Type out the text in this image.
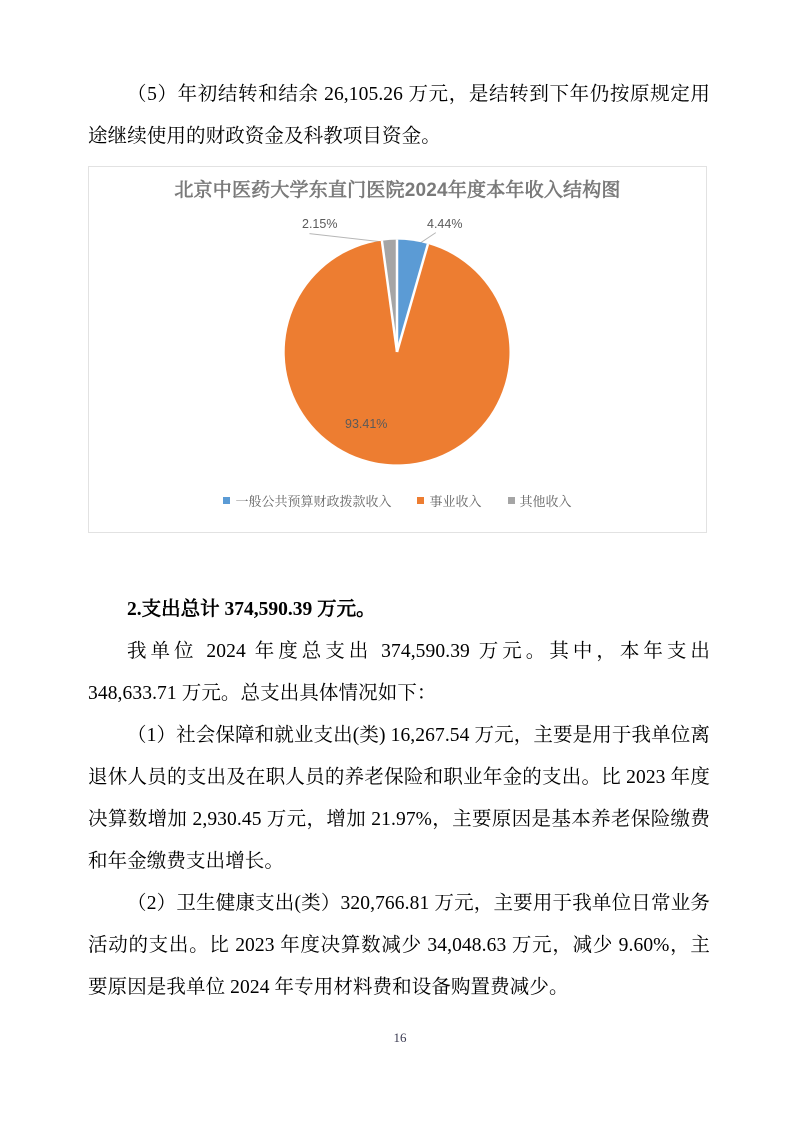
（5）年初结转和结余 26,105.26 万元，是结转到下年仍按原规定用途继续使用的财政资金及科教项目资金。

北京中医药大学东直门医院2024年度本年收入结构图
2.15%	4.44%
93.41%
一般公共预算财政拨款收入	事业收入	其他收入

2.支出总计 374,590.39 万元。

我单位 2024 年度总支出 374,590.39 万元。其中，本年支出 348,633.71 万元。总支出具体情况如下：

（1）社会保障和就业支出(类) 16,267.54 万元，主要是用于我单位离退休人员的支出及在职人员的养老保险和职业年金的支出。比 2023 年度决算数增加 2,930.45 万元，增加 21.97%，主要原因是基本养老保险缴费和年金缴费支出增长。

（2）卫生健康支出(类）320,766.81 万元，主要用于我单位日常业务活动的支出。比 2023 年度决算数减少 34,048.63 万元，减少 9.60%，主要原因是我单位 2024 年专用材料费和设备购置费减少。

16
